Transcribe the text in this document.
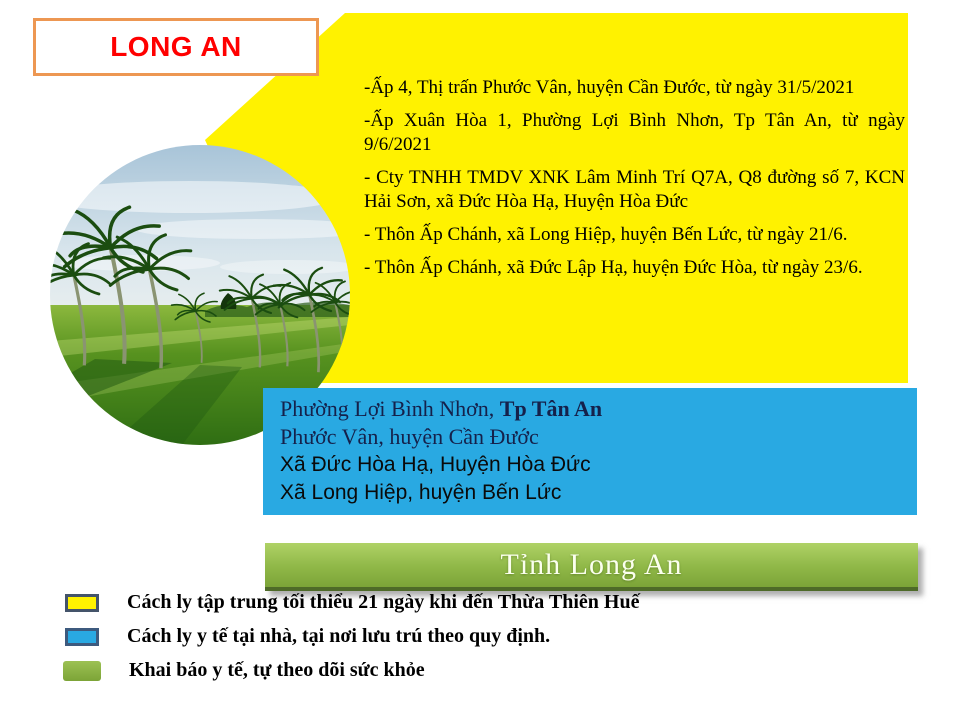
LONG AN

-Ấp 4, Thị trấn Phước Vân, huyện Cần Đước, từ ngày 31/5/2021

-Ấp Xuân Hòa 1, Phường Lợi Bình Nhơn, Tp Tân An, từ ngày 9/6/2021

- Cty TNHH TMDV XNK Lâm Minh Trí Q7A, Q8 đường số 7, KCN Hải Sơn, xã Đức Hòa Hạ, Huyện Hòa Đức

- Thôn Ấp Chánh, xã Long Hiệp, huyện Bến Lức, từ ngày 21/6.

- Thôn Ấp Chánh, xã Đức Lập Hạ, huyện Đức Hòa, từ ngày 23/6.

Phường Lợi Bình Nhơn, Tp Tân An
Phước Vân, huyện Cần Đước
Xã Đức Hòa Hạ, Huyện Hòa Đức
Xã Long Hiệp, huyện Bến Lức
Tỉnh Long An
Cách ly tập trung tối thiểu 21 ngày khi đến Thừa Thiên Huế
Cách ly y tế tại nhà, tại nơi lưu trú theo quy định.
Khai báo y tế, tự theo dõi sức khỏe
